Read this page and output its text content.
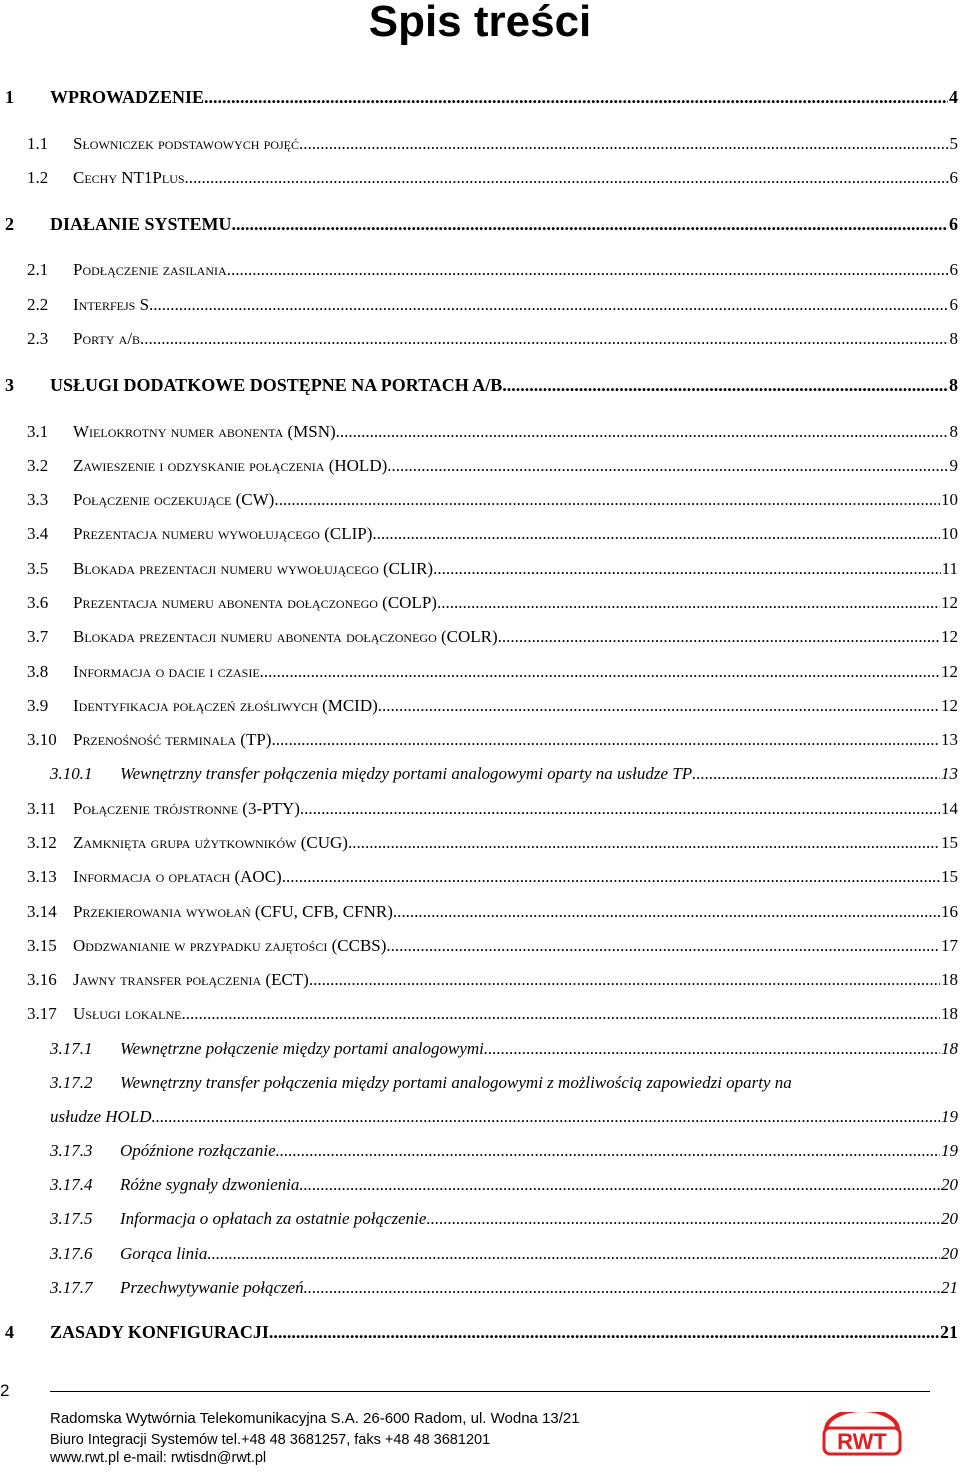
Spis treści
1 WPROWADZENIE .....	4
1.1 Słowniczek podstawowych pojęć .....	5
1.2 Cechy NT1Plus .....	6
2 DIAŁANIE SYSTEMU .....	6
2.1 Podłączenie zasilania .....	6
2.2 Interfejs S .....	6
2.3 Porty a/b .....	8
3 USŁUGI DODATKOWE DOSTĘPNE NA PORTACH A/B .....	8
3.1 Wielokrotny numer abonenta (MSN) .....	8
3.2 Zawieszenie i odzyskanie połączenia (HOLD) .....	9
3.3 Połączenie oczekujące (CW) .....	10
3.4 Prezentacja numeru wywołującego (CLIP) .....	10
3.5 Blokada prezentacji numeru wywołującego (CLIR) .....	11
3.6 Prezentacja numeru abonenta dołączonego (COLP) .....	12
3.7 Blokada prezentacji numeru abonenta dołączonego (COLR) .....	12
3.8 Informacja o dacie i czasie .....	12
3.9 Identyfikacja połączeń złośliwych (MCID) .....	12
3.10 Przenośność terminala (TP) .....	13
3.10.1 Wewnętrzny transfer połączenia między portami analogowymi oparty na usłudze TP .....	13
3.11 Połączenie trójstronne (3-PTY) .....	14
3.12 Zamknięta grupa użytkowników (CUG) .....	15
3.13 Informacja o opłatach (AOC) .....	15
3.14 Przekierowania wywołań (CFU, CFB, CFNR) .....	16
3.15 Oddzwanianie w przypadku zajętości (CCBS) .....	17
3.16 Jawny transfer połączenia (ECT) .....	18
3.17 Usługi lokalne .....	18
3.17.1 Wewnętrzne połączenie między portami analogowymi .....	18
3.17.2 Wewnętrzny transfer połączenia między portami analogowymi z możliwością zapowiedzi oparty na
usłudze HOLD .....	19
3.17.3 Opóźnione rozłączanie .....	19
3.17.4 Różne sygnały dzwonienia .....	20
3.17.5 Informacja o opłatach za ostatnie połączenie .....	20
3.17.6 Gorąca linia .....	20
3.17.7 Przechwytywanie połączeń .....	21
4 ZASADY KONFIGURACJI .....	21
2
Radomska Wytwórnia Telekomunikacyjna S.A. 26-600 Radom, ul. Wodna 13/21
Biuro Integracji Systemów tel.+48 48 3681257, faks +48 48 3681201
www.rwt.pl e-mail: rwtisdn@rwt.pl
RWT
